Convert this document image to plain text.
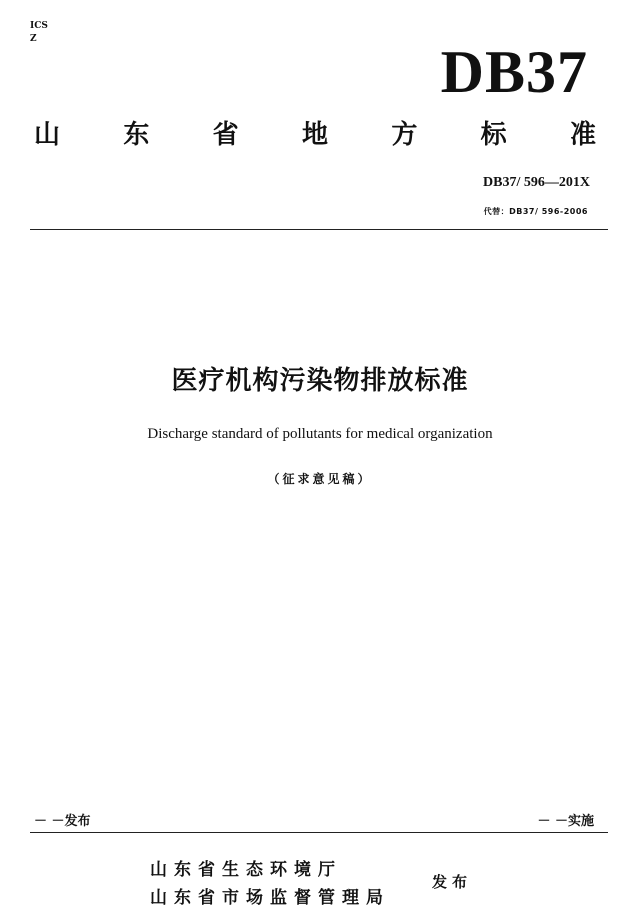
ICS
Z	DB37
山 东 省 地 方 标 准
DB37/ 596—201X
代替：DB37/ 596-2006
医疗机构污染物排放标准
Discharge standard of pollutants for medical organization
（征求意见稿）
－ －发布	－ －实施
山东省生态环境厅
山东省市场监督管理局
发布
